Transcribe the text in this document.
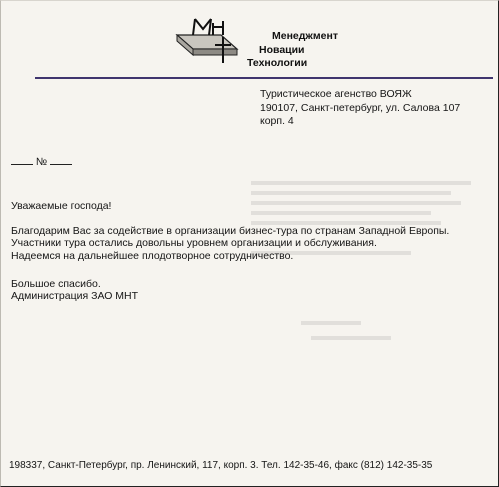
Менеджмент
Новации
Технологии
Туристическое агенство ВОЯЖ
190107, Санкт-петербург, ул. Салова 107
корп. 4
№
Уважаемые господа!
Благодарим Вас за содействие в организации бизнес-тура по странам Западной Европы.
Участники тура остались довольны уровнем организации и обслуживания.
Надеемся на дальнейшее плодотворное сотрудничество.
Большое спасибо.
Администрация ЗАО МНТ
198337, Санкт-Петербург, пр. Ленинский, 117, корп. 3. Тел. 142-35-46, факс (812) 142-35-35
